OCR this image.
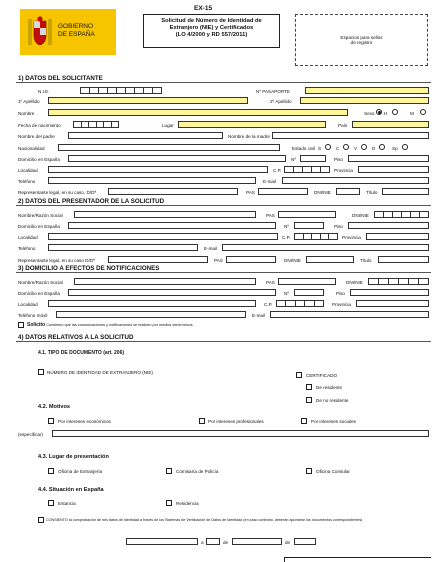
GOBIERNO
DE ESPAÑA
EX-15
Solicitud de Número de Identidad de
Extranjero (NIE) y Certificados
(LO 4/2000 y RD 557/2011)	Espacios para sellos
de registro
1) DATOS DEL SOLICITANTE
N.I.E.	Nº PASAPORTE
1º Apellido	2º Apellido
Nombre	Sexo H	M
Fecha de nacimiento	Lugar	País
Nombre del padre	Nombre de la madre
Nacionalidad	Estado civil S	C	V	D	Sp
Domicilio en España	Nº	Piso
Localidad	C.P.	Provincia
Teléfono	E-mail
Representante legal, en su caso, D/Dª	PAS	DNI/NIE	Título
2) DATOS DEL PRESENTADOR DE LA SOLICITUD
Nombre/Razón Social	PAS	DNI/NIE
Domicilio en España	Nº	Piso
Localidad	C.P.	Provincia
Teléfono	E-mail
Representante legal, en su caso D/Dª	PAS	DNI/NIE	Título
3) DOMICILIO A EFECTOS DE NOTIFICACIONES
Nombre/Razón Social	PAS	DNI/NIE
Domicilio en España	Nº	Piso
Localidad	C.P.	Provincia
Teléfono móvil	E-mail
Solicito Consiento que las comunicaciones y notificaciones se realicen por medios electrónicos
4) DATOS RELATIVOS A LA SOLICITUD
4.1. TIPO DE DOCUMENTO (art. 206)
NÚMERO DE IDENTIDAD DE EXTRANJERO (NIE)
CERTIFICADO
De residente
De no residente
4.2. Motivos
Por intereses económicos	Por intereses profesionales	Por intereses sociales
(especificar)
4.3. Lugar de presentación
Oficina de Extranjería	Comisaría de Policía	Oficina Consular
4.4. Situación en España
Estancia	Residencia
CONSIENTO la comprobación de mis datos de identidad a través de los Sistemas de Verificación de Datos de Identidad (en caso contrario, deberán aportarse los documentos correspondientes)
a	de	de
